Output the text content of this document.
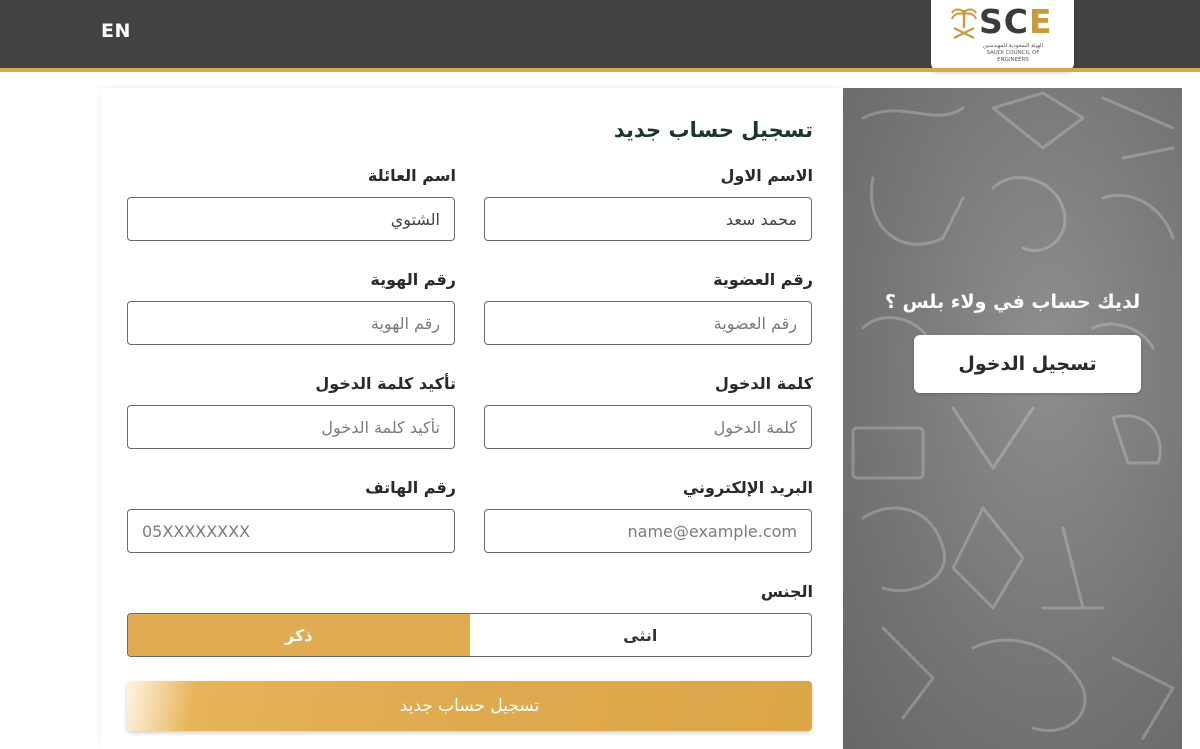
EN	SCE
الهيئة السعودية للمهندسين
SAUDI COUNCIL OF ENGINEERS
تسجيل حساب جديد
الاسم الاول
محمد سعد
اسم العائلة
الشتوي
رقم العضوية
رقم العضوية
رقم الهوية
رقم الهوية
كلمة الدخول
تأكيد كلمة الدخول
البريد الإلكتروني
name@example.com
رقم الهاتف
05XXXXXXXX
الجنس
ذكر	انثى
تسجيل حساب جديد
لديك حساب في ولاء بلس ؟
تسجيل الدخول
